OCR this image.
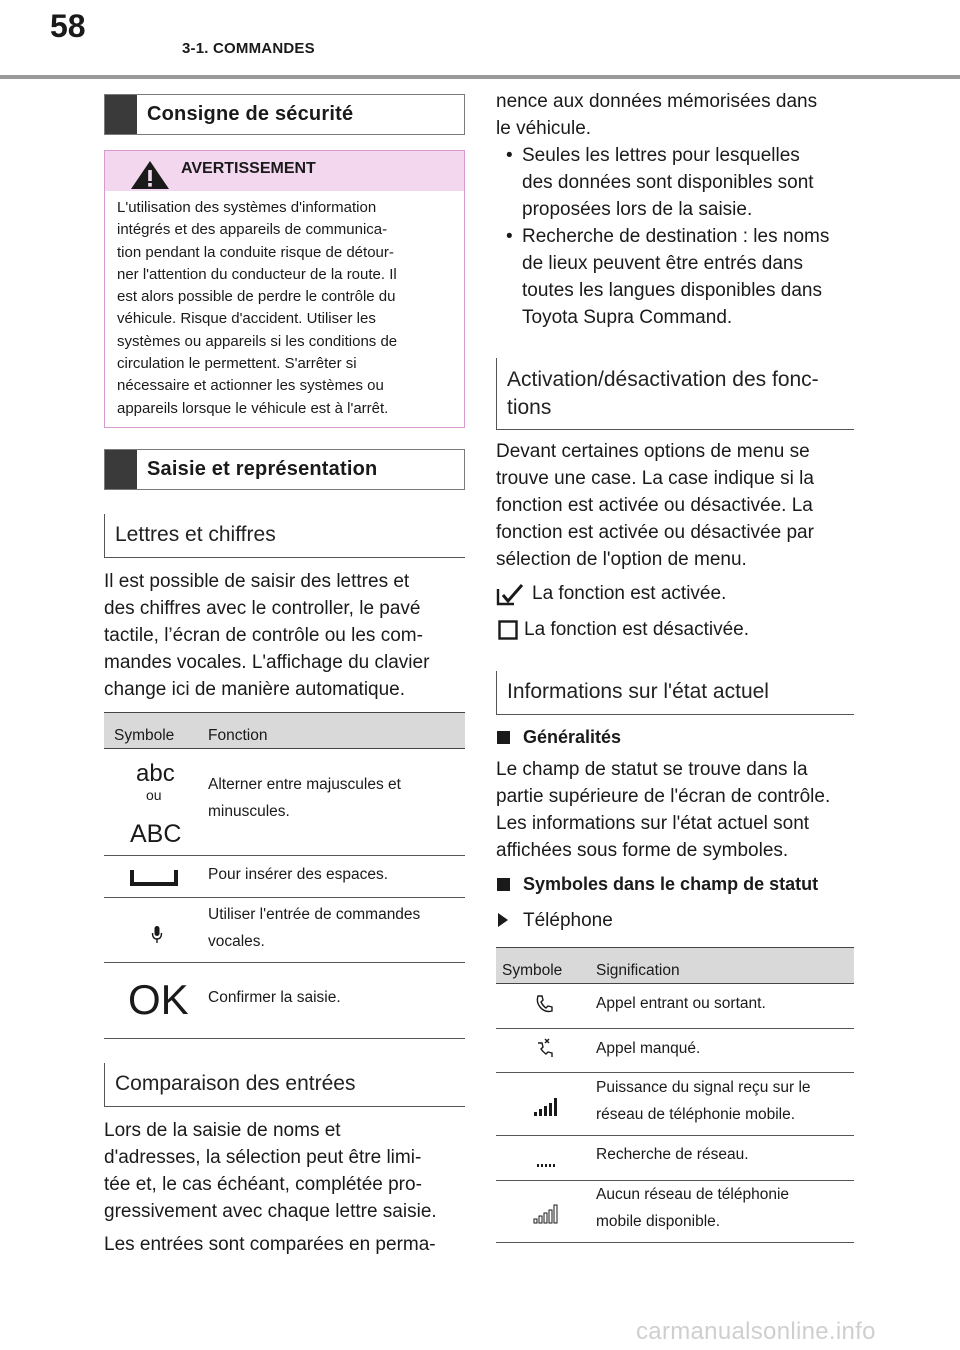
58
3-1. COMMANDES
Consigne de sécurité
AVERTISSEMENT
L'utilisation des systèmes d'information
intégrés et des appareils de communica-
tion pendant la conduite risque de détour-
ner l'attention du conducteur de la route. Il
est alors possible de perdre le contrôle du
véhicule. Risque d'accident. Utiliser les
systèmes ou appareils si les conditions de
circulation le permettent. S'arrêter si
nécessaire et actionner les systèmes ou
appareils lorsque le véhicule est à l'arrêt.
Saisie et représentation
Lettres et chiffres
Il est possible de saisir des lettres et
des chiffres avec le controller, le pavé
tactile, l’écran de contrôle ou les com-
mandes vocales. L'affichage du clavier
change ici de manière automatique.
Symbole Fonction
abc
ou
ABC
Alterner entre majuscules et
minuscules.
Pour insérer des espaces.
Utiliser l'entrée de commandes
vocales.
OK Confirmer la saisie.
Comparaison des entrées
Lors de la saisie de noms et
d'adresses, la sélection peut être limi-
tée et, le cas échéant, complétée pro-
gressivement avec chaque lettre saisie.
Les entrées sont comparées en perma-
nence aux données mémorisées dans
le véhicule.
• Seules les lettres pour lesquelles
des données sont disponibles sont
proposées lors de la saisie.
• Recherche de destination : les noms
de lieux peuvent être entrés dans
toutes les langues disponibles dans
Toyota Supra Command.
Activation/désactivation des fonc-
tions
Devant certaines options de menu se
trouve une case. La case indique si la
fonction est activée ou désactivée. La
fonction est activée ou désactivée par
sélection de l'option de menu.
La fonction est activée.
La fonction est désactivée.
Informations sur l'état actuel
Généralités
Le champ de statut se trouve dans la
partie supérieure de l'écran de contrôle.
Les informations sur l'état actuel sont
affichées sous forme de symboles.
Symboles dans le champ de statut
Téléphone
Symbole Signification
Appel entrant ou sortant.
Appel manqué.
Puissance du signal reçu sur le
réseau de téléphonie mobile.
Recherche de réseau.
Aucun réseau de téléphonie
mobile disponible.
carmanualsonline.info
